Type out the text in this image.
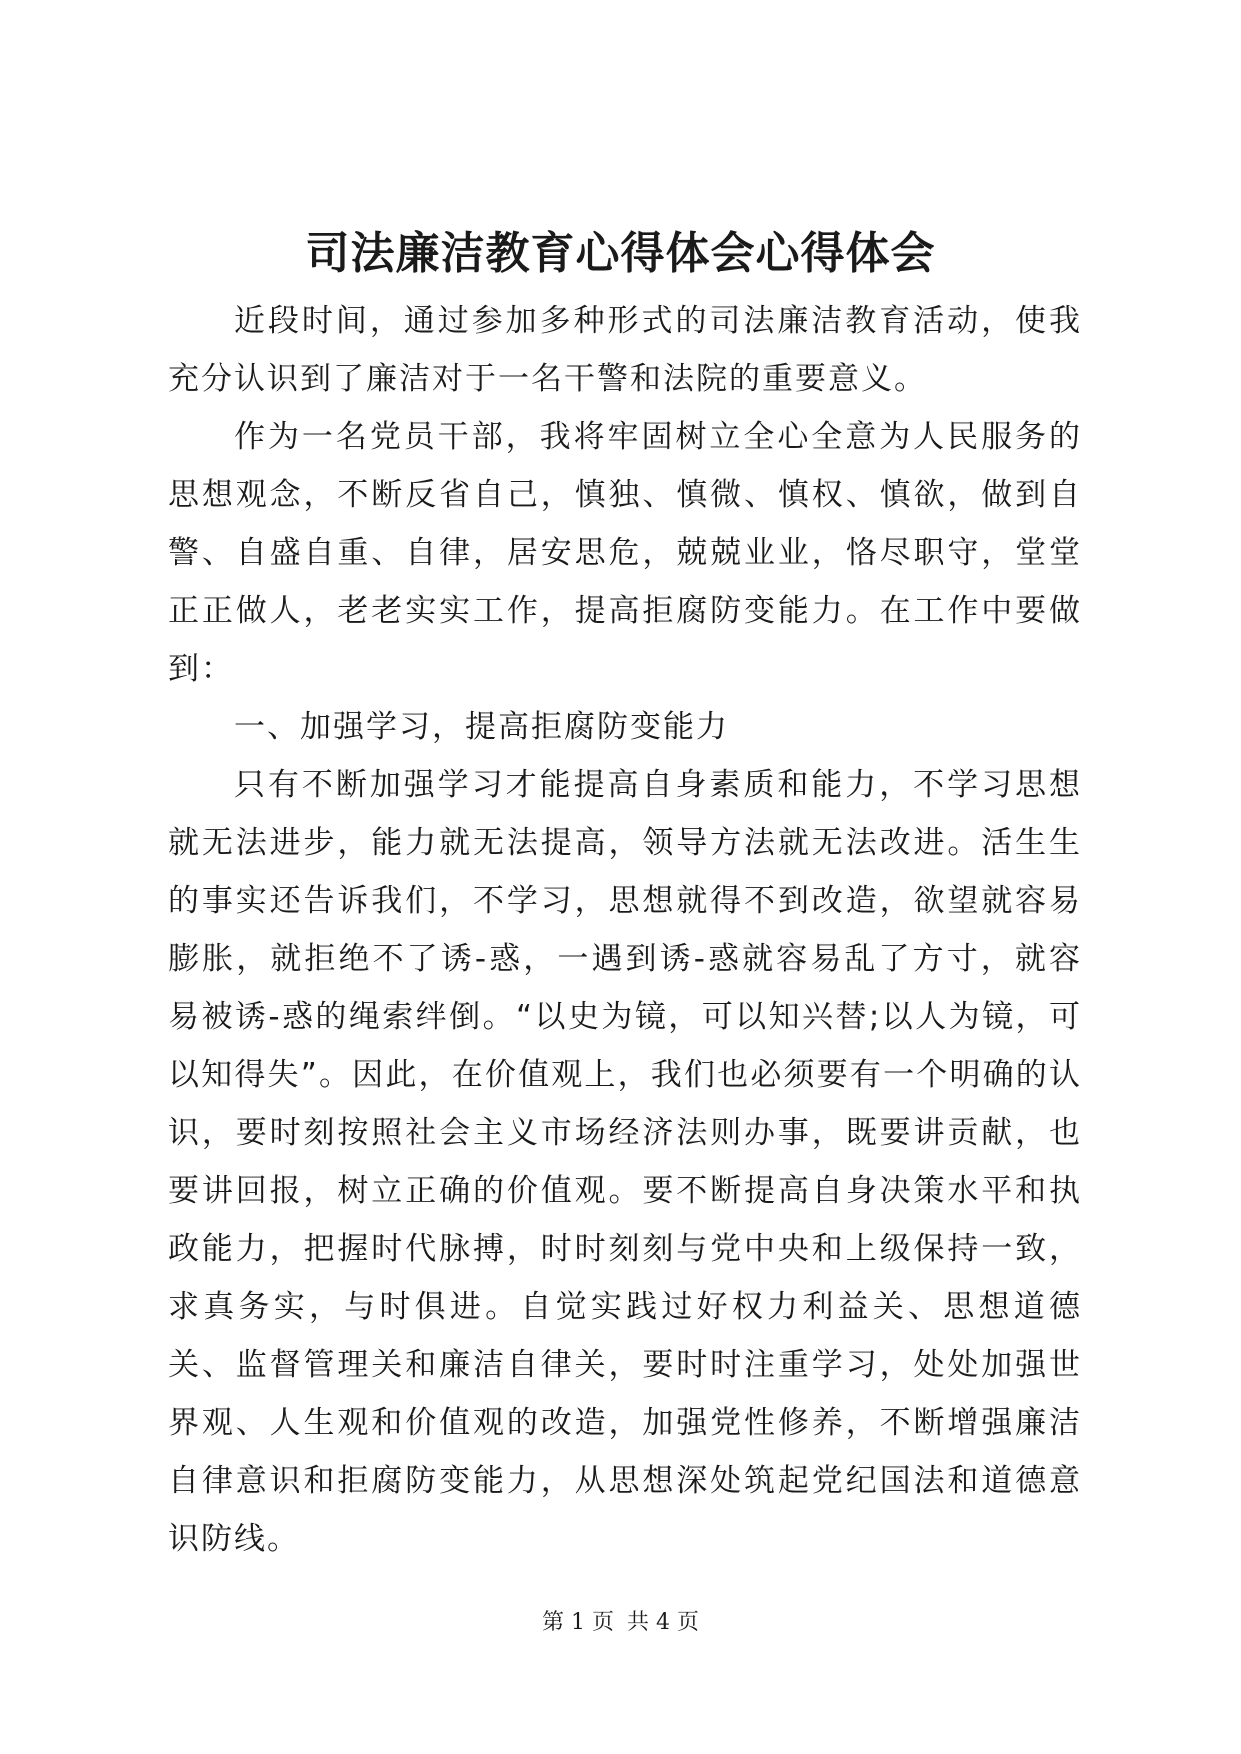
司法廉洁教育心得体会心得体会

近段时间，通过参加多种形式的司法廉洁教育活动，使我充分认识到了廉洁对于一名干警和法院的重要意义。

作为一名党员干部，我将牢固树立全心全意为人民服务的思想观念，不断反省自己，慎独、慎微、慎权、慎欲，做到自警、自盛自重、自律，居安思危，兢兢业业，恪尽职守，堂堂正正做人，老老实实工作，提高拒腐防变能力。在工作中要做到：

一、加强学习，提高拒腐防变能力

只有不断加强学习才能提高自身素质和能力，不学习思想就无法进步，能力就无法提高，领导方法就无法改进。活生生的事实还告诉我们，不学习，思想就得不到改造，欲望就容易膨胀，就拒绝不了诱-惑，一遇到诱-惑就容易乱了方寸，就容易被诱-惑的绳索绊倒。“以史为镜，可以知兴替;以人为镜，可以知得失”。因此，在价值观上，我们也必须要有一个明确的认识，要时刻按照社会主义市场经济法则办事，既要讲贡献，也要讲回报，树立正确的价值观。要不断提高自身决策水平和执政能力，把握时代脉搏，时时刻刻与党中央和上级保持一致，求真务实，与时俱进。自觉实践过好权力利益关、思想道德关、监督管理关和廉洁自律关，要时时注重学习，处处加强世界观、人生观和价值观的改造，加强党性修养，不断增强廉洁自律意识和拒腐防变能力，从思想深处筑起党纪国法和道德意识防线。

第 1 页 共 4 页
